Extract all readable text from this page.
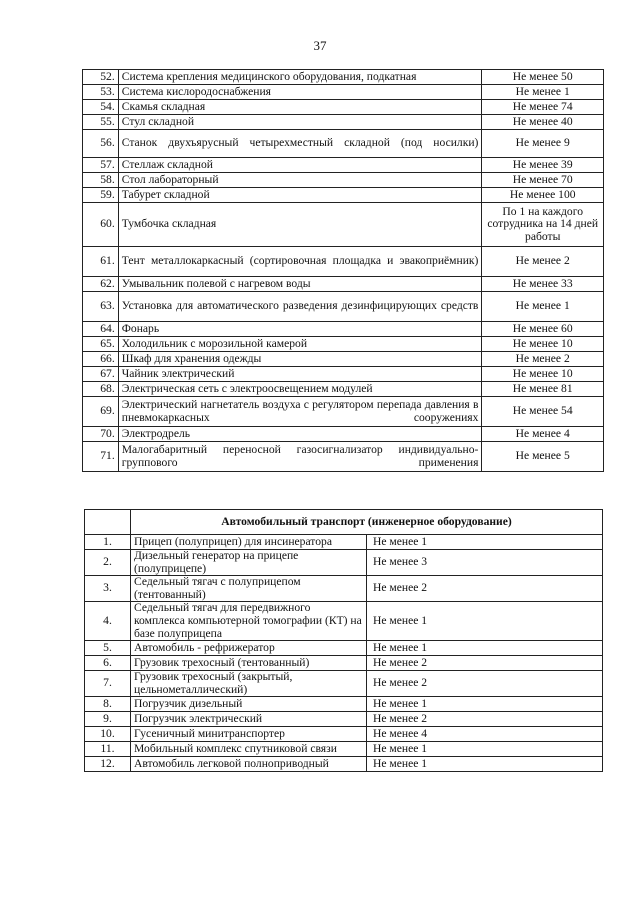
37
52.	Система крепления медицинского оборудования, подкатная	Не менее 50
53.	Система кислородоснабжения	Не менее 1
54.	Скамья складная	Не менее 74
55.	Стул складной	Не менее 40
56.	Станок двухъярусный четырехместный складной (под носилки)	Не менее 9
57.	Стеллаж складной	Не менее 39
58.	Стол лабораторный	Не менее 70
59.	Табурет складной	Не менее 100
60.	Тумбочка складная	По 1 на каждого сотрудника на 14 дней работы
61.	Тент металлокаркасный (сортировочная площадка и эвакоприёмник)	Не менее 2
62.	Умывальник полевой с нагревом воды	Не менее 33
63.	Установка для автоматического разведения дезинфицирующих средств	Не менее 1
64.	Фонарь	Не менее 60
65.	Холодильник с морозильной камерой	Не менее 10
66.	Шкаф для хранения одежды	Не менее 2
67.	Чайник электрический	Не менее 10
68.	Электрическая сеть с электроосвещением модулей	Не менее 81
69.	Электрический нагнетатель воздуха с регулятором перепада давления в пневмокаркасных сооружениях	Не менее 54
70.	Электродрель	Не менее 4
71.	Малогабаритный переносной газосигнализатор индивидуально-группового применения	Не менее 5
	Автомобильный транспорт (инженерное оборудование)	
1.	Прицеп (полуприцеп) для инсинератора	Не менее 1
2.	Дизельный генератор на прицепе (полуприцепе)	Не менее 3
3.	Седельный тягач с полуприцепом (тентованный)	Не менее 2
4.	Седельный тягач для передвижного комплекса компьютерной томографии (КТ) на базе полуприцепа	Не менее 1
5.	Автомобиль - рефрижератор	Не менее 1
6.	Грузовик трехосный (тентованный)	Не менее 2
7.	Грузовик трехосный (закрытый, цельнометаллический)	Не менее 2
8.	Погрузчик дизельный	Не менее 1
9.	Погрузчик электрический	Не менее 2
10.	Гусеничный минитранспортер	Не менее 4
11.	Мобильный комплекс спутниковой связи	Не менее 1
12.	Автомобиль легковой полноприводный	Не менее 1
